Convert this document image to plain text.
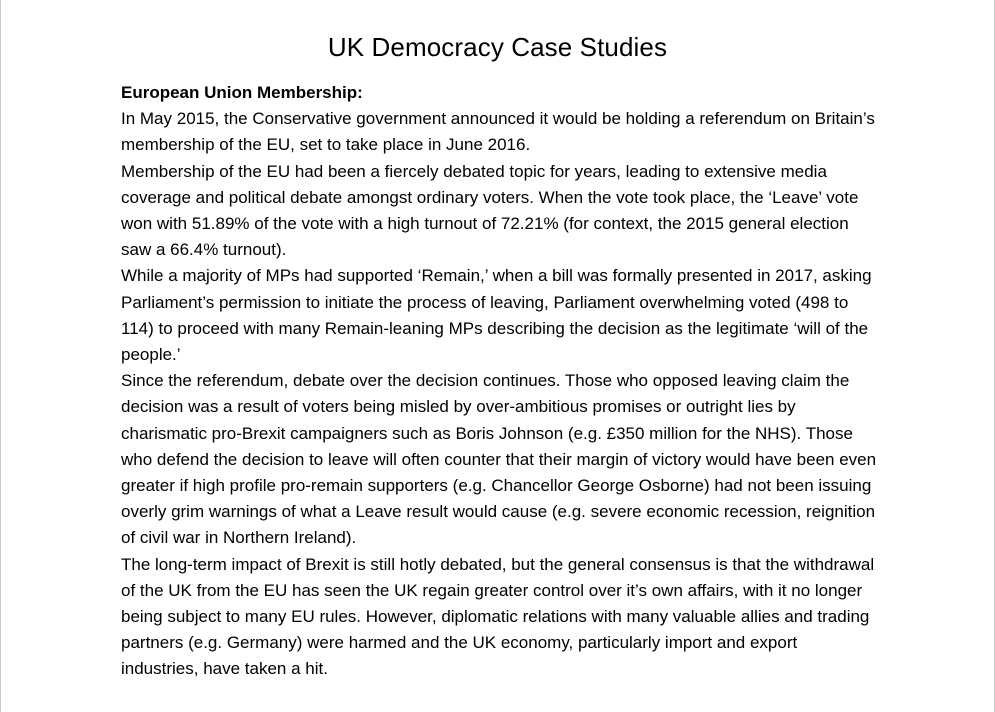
UK Democracy Case Studies

European Union Membership:

In May 2015, the Conservative government announced it would be holding a referendum on Britain’s membership of the EU, set to take place in June 2016.

Membership of the EU had been a fiercely debated topic for years, leading to extensive media coverage and political debate amongst ordinary voters. When the vote took place, the ‘Leave’ vote won with 51.89% of the vote with a high turnout of 72.21% (for context, the 2015 general election saw a 66.4% turnout).

While a majority of MPs had supported ‘Remain,’ when a bill was formally presented in 2017, asking Parliament’s permission to initiate the process of leaving, Parliament overwhelming voted (498 to 114) to proceed with many Remain-leaning MPs describing the decision as the legitimate ‘will of the people.’

Since the referendum, debate over the decision continues. Those who opposed leaving claim the decision was a result of voters being misled by over-ambitious promises or outright lies by charismatic pro-Brexit campaigners such as Boris Johnson (e.g. £350 million for the NHS). Those who defend the decision to leave will often counter that their margin of victory would have been even greater if high profile pro-remain supporters (e.g. Chancellor George Osborne) had not been issuing overly grim warnings of what a Leave result would cause (e.g. severe economic recession, reignition of civil war in Northern Ireland).

The long-term impact of Brexit is still hotly debated, but the general consensus is that the withdrawal of the UK from the EU has seen the UK regain greater control over it’s own affairs, with it no longer being subject to many EU rules. However, diplomatic relations with many valuable allies and trading partners (e.g. Germany) were harmed and the UK economy, particularly import and export industries, have taken a hit.
